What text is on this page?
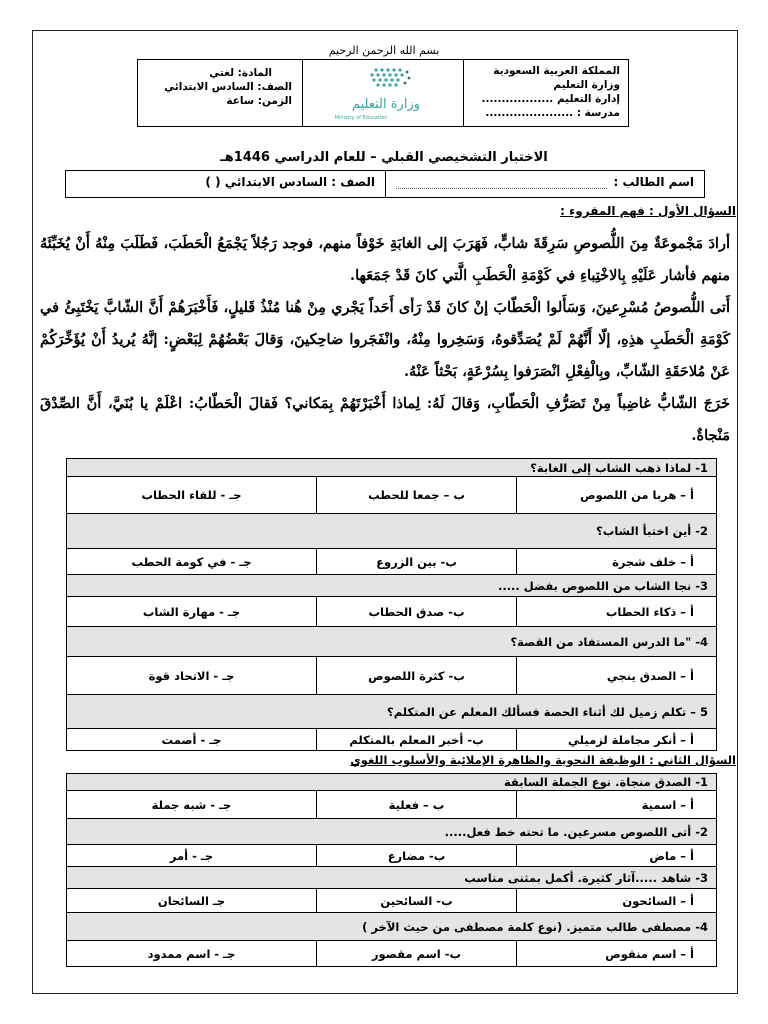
بسم الله الرحمن الرحيم
المملكة العربية السعودية
وزارة التعليم
إدارة التعليم ..................
مدرسة : ......................
وزارة التعليم
Ministry of Education
المادة: لغتي
الصف: السادس الابتدائي
الزمن: ساعة
الاختبار التشخيصي القبلي – للعام الدراسي 1446هـ
اسم الطالب :
الصف : السادس الابتدائي ( )
السؤال الأول : فهم المقروء :

أرادَ مَجْموعَةٌ مِنَ اللُّصوصِ سَرِقَةَ شابٍّ، فَهَرَبَ إلى الغابَةِ خَوْفاً منهم، فوجد رَجُلاً يَجْمَعُ الْحَطَبَ، فَطَلَبَ مِنْهُ أَنْ يُخَبِّئَهُ منهم فأشار عَلَيْهِ بِالاخْتِباءِ في كَوْمَةِ الْحَطَبِ الَّتي كانَ قَدْ جَمَعَها.

أَتى اللُّصوصُ مُسْرِعينَ، وَسَأَلوا الْحَطّابَ إنْ كانَ قَدْ رَأى أَحَداً يَجْري مِنْ هُنا مُنْذُ قَليلٍ، فَأَخْبَرَهُمْ أَنَّ الشّابَّ يَخْتَبِئُ في كَوْمَةِ الْحَطَبِ هذِهِ، إلّا أَنَّهُمْ لَمْ يُصَدِّقوهُ، وَسَخِروا مِنْهُ، وانْفَجَروا ضاحِكينَ، وَقالَ بَعْضُهُمْ لِبَعْضٍ: إنَّهُ يُريدُ أَنْ يُؤَخِّرَكُمْ عَنْ مُلاحَقَةِ الشّابِّ، وبِالْفِعْلِ انْصَرَفوا بِسُرْعَةٍ، بَحْثاً عَنْهُ.

خَرَجَ الشّابُّ غاضِباً مِنْ تَصَرُّفِ الْحَطّابِ، وَقالَ لَهُ: لِماذا أَخْبَرْتَهُمْ بِمَكاني؟ فَقالَ الْحَطّابُ: اعْلَمْ يا بُنَيَّ، أَنَّ الصِّدْقَ مَنْجاةٌ.

1- لماذا ذهب الشاب إلى الغابة؟		
أ – هربا من اللصوص	ب – جمعا للحطب	جـ - للقاء الحطاب
2- أين اختبأ الشاب؟		
أ – خلف شجرة	ب- بين الزروع	جـ - في كومة الحطب
3- نجا الشاب من اللصوص بفضل .....		
أ – ذكاء الحطاب	ب- صدق الحطاب	جـ - مهارة الشاب
4- "ما الدرس المستفاد من القصة؟		
أ – الصدق ينجي	ب- كثرة اللصوص	جـ - الاتحاد قوة
5 – تكلم زميل لك أثناء الحصة فسألك المعلم عن المتكلم؟		
أ – أنكر مجاملة لزميلي	ب- أخبر المعلم بالمتكلم	جـ - أصمت
السؤال الثاني : الوظيفة النحوية والظاهرة الإملائية والأسلوب اللغوي
1- الصدق منجاة. نوع الجملة السابقة		
أ – اسمية	ب – فعلية	جـ - شبه جملة
2- أتى اللصوص مسرعين. ما تحته خط فعل.....		
أ – ماض	ب- مضارع	جـ - أمر
3- شاهد .....آثار كثيرة. أكمل بمثنى مناسب		
أ – السائحون	ب- السائحين	جـ السائحان
4- مصطفى طالب متميز. (نوع كلمة مصطفى من حيث الآخر )		
أ – اسم منقوص	ب- اسم مقصور	جـ - اسم ممدود
